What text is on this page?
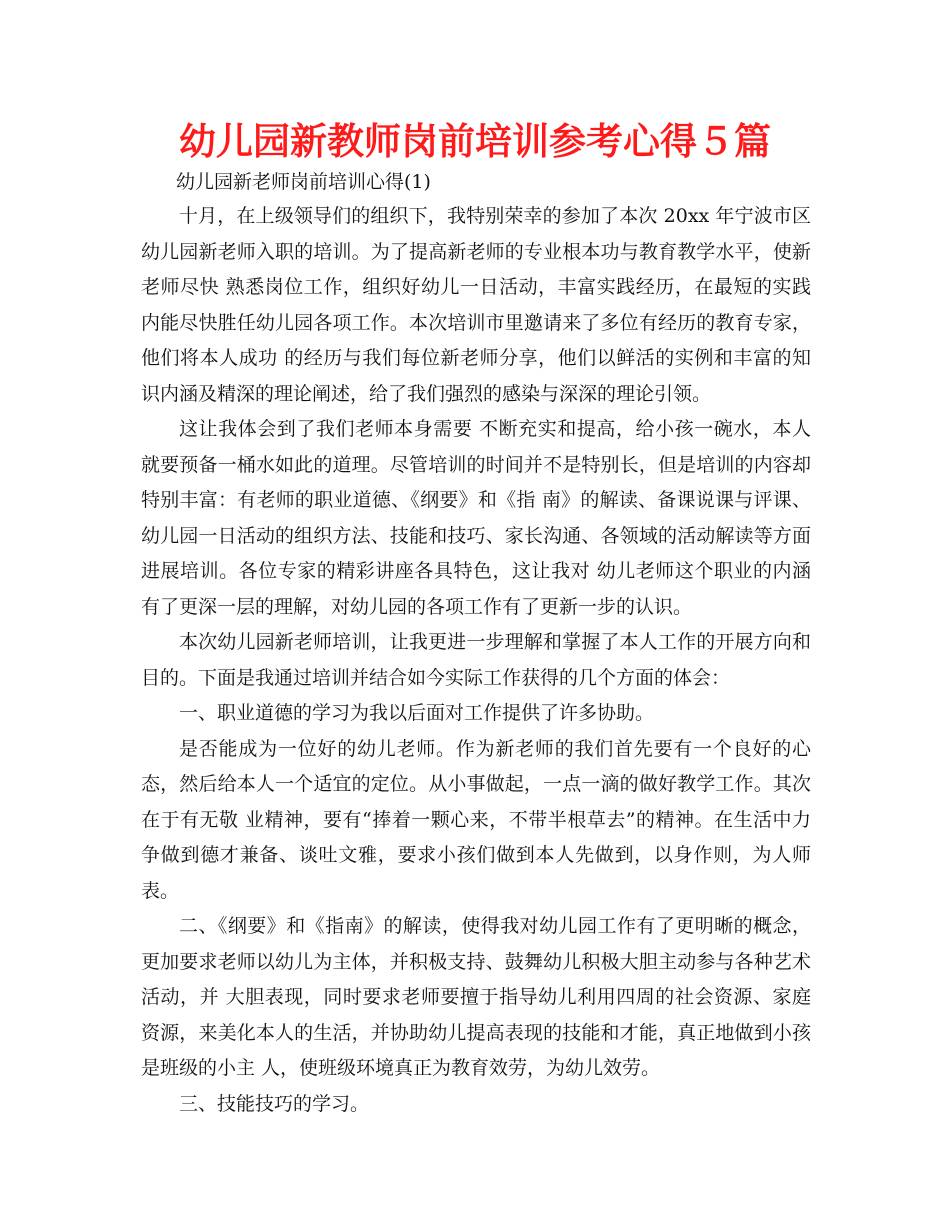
幼儿园新教师岗前培训参考心得５篇

幼儿园新老师岗前培训心得(1)

十月，在上级领导们的组织下，我特别荣幸的参加了本次 20xx 年宁波市区幼儿园新老师入职的培训。为了提高新老师的专业根本功与教育教学水平，使新老师尽快 熟悉岗位工作，组织好幼儿一日活动，丰富实践经历，在最短的实践内能尽快胜任幼儿园各项工作。本次培训市里邀请来了多位有经历的教育专家，他们将本人成功 的经历与我们每位新老师分享，他们以鲜活的实例和丰富的知识内涵及精深的理论阐述，给了我们强烈的感染与深深的理论引领。

这让我体会到了我们老师本身需要 不断充实和提高，给小孩一碗水，本人就要预备一桶水如此的道理。尽管培训的时间并不是特别长，但是培训的内容却特别丰富：有老师的职业道德、《纲要》和《指 南》的解读、备课说课与评课、幼儿园一日活动的组织方法、技能和技巧、家长沟通、各领域的活动解读等方面进展培训。各位专家的精彩讲座各具特色，这让我对 幼儿老师这个职业的内涵有了更深一层的理解，对幼儿园的各项工作有了更新一步的认识。

本次幼儿园新老师培训，让我更进一步理解和掌握了本人工作的开展方向和目的。下面是我通过培训并结合如今实际工作获得的几个方面的体会：

一、职业道德的学习为我以后面对工作提供了许多协助。

是否能成为一位好的幼儿老师。作为新老师的我们首先要有一个良好的心态，然后给本人一个适宜的定位。从小事做起，一点一滴的做好教学工作。其次在于有无敬 业精神，要有“捧着一颗心来，不带半根草去”的精神。在生活中力争做到德才兼备、谈吐文雅，要求小孩们做到本人先做到，以身作则，为人师表。

二、《纲要》和《指南》的解读，使得我对幼儿园工作有了更明晰的概念，更加要求老师以幼儿为主体，并积极支持、鼓舞幼儿积极大胆主动参与各种艺术活动，并 大胆表现，同时要求老师要擅于指导幼儿利用四周的社会资源、家庭资源，来美化本人的生活，并协助幼儿提高表现的技能和才能，真正地做到小孩是班级的小主 人，使班级环境真正为教育效劳，为幼儿效劳。

三、技能技巧的学习。
